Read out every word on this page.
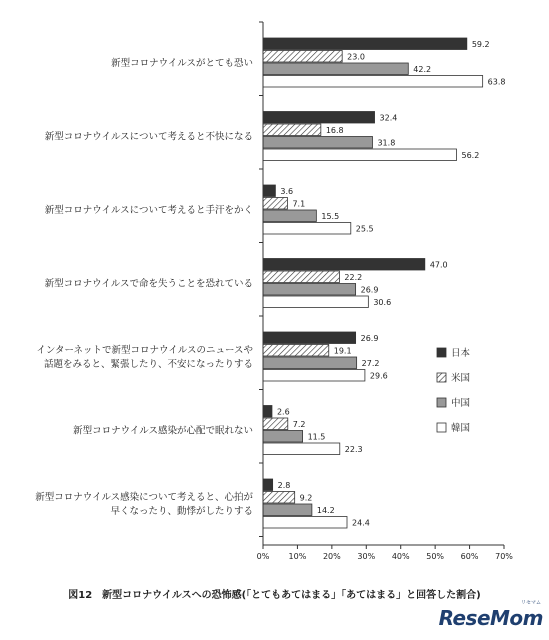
59.2
23.0
42.2
63.8
新型コロナウイルスがとても恐い
32.4
16.8
31.8
56.2
新型コロナウイルスについて考えると不快になる
3.6
7.1
15.5
25.5
新型コロナウイルスについて考えると手汗をかく
47.0
22.2
26.9
30.6
新型コロナウイルスで命を失うことを恐れている
26.9
19.1
27.2
29.6
インターネットで新型コロナウイルスのニュースや
話題をみると、緊張したり、不安になったりする
2.6
7.2
11.5
22.3
新型コロナウイルス感染が心配で眠れない
2.8
9.2
14.2
24.4
新型コロナウイルス感染について考えると、心拍が
早くなったり、動悸がしたりする
0% 10% 20% 30% 40% 50% 60% 70%
日本
米国
中国
韓国
図12　新型コロナウイルスへの恐怖感(「とてもあてはまる」「あてはまる」と回答した割合)
ReseMom
リセマム
